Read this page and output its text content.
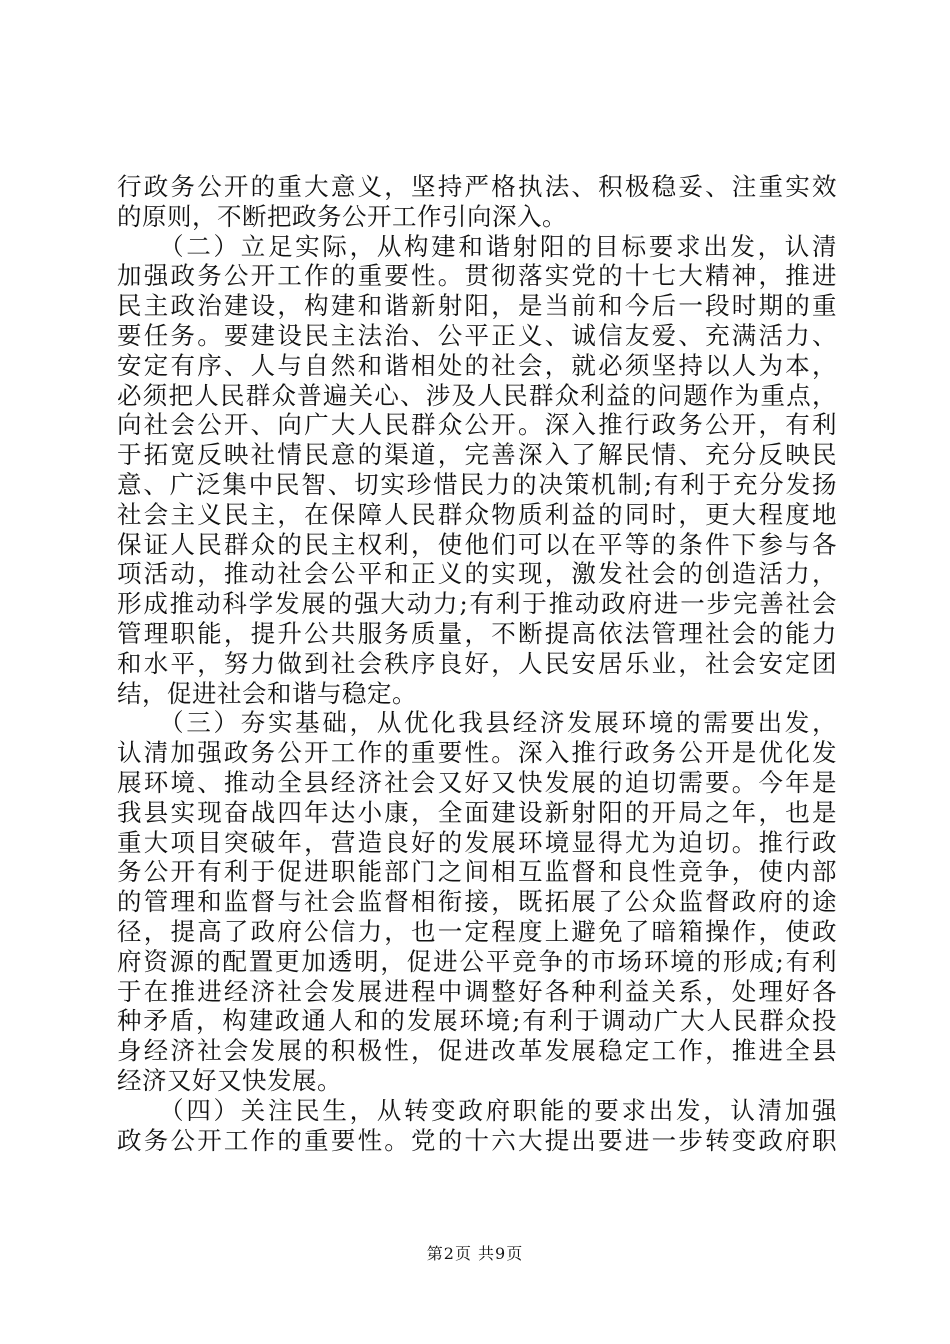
行政务公开的重大意义，坚持严格执法、积极稳妥、注重实效
的原则，不断把政务公开工作引向深入。
　　（二）立足实际，从构建和谐射阳的目标要求出发，认清
加强政务公开工作的重要性。贯彻落实党的十七大精神，推进
民主政治建设，构建和谐新射阳，是当前和今后一段时期的重
要任务。要建设民主法治、公平正义、诚信友爱、充满活力、
安定有序、人与自然和谐相处的社会，就必须坚持以人为本，
必须把人民群众普遍关心、涉及人民群众利益的问题作为重点，
向社会公开、向广大人民群众公开。深入推行政务公开，有利
于拓宽反映社情民意的渠道，完善深入了解民情、充分反映民
意、广泛集中民智、切实珍惜民力的决策机制;有利于充分发扬
社会主义民主，在保障人民群众物质利益的同时，更大程度地
保证人民群众的民主权利，使他们可以在平等的条件下参与各
项活动，推动社会公平和正义的实现，激发社会的创造活力，
形成推动科学发展的强大动力;有利于推动政府进一步完善社会
管理职能，提升公共服务质量，不断提高依法管理社会的能力
和水平，努力做到社会秩序良好，人民安居乐业，社会安定团
结，促进社会和谐与稳定。
　　（三）夯实基础，从优化我县经济发展环境的需要出发，
认清加强政务公开工作的重要性。深入推行政务公开是优化发
展环境、推动全县经济社会又好又快发展的迫切需要。今年是
我县实现奋战四年达小康，全面建设新射阳的开局之年，也是
重大项目突破年，营造良好的发展环境显得尤为迫切。推行政
务公开有利于促进职能部门之间相互监督和良性竞争，使内部
的管理和监督与社会监督相衔接，既拓展了公众监督政府的途
径，提高了政府公信力，也一定程度上避免了暗箱操作，使政
府资源的配置更加透明，促进公平竞争的市场环境的形成;有利
于在推进经济社会发展进程中调整好各种利益关系，处理好各
种矛盾，构建政通人和的发展环境;有利于调动广大人民群众投
身经济社会发展的积极性，促进改革发展稳定工作，推进全县
经济又好又快发展。
　　（四）关注民生，从转变政府职能的要求出发，认清加强
政务公开工作的重要性。党的十六大提出要进一步转变政府职
第2页 共9页
